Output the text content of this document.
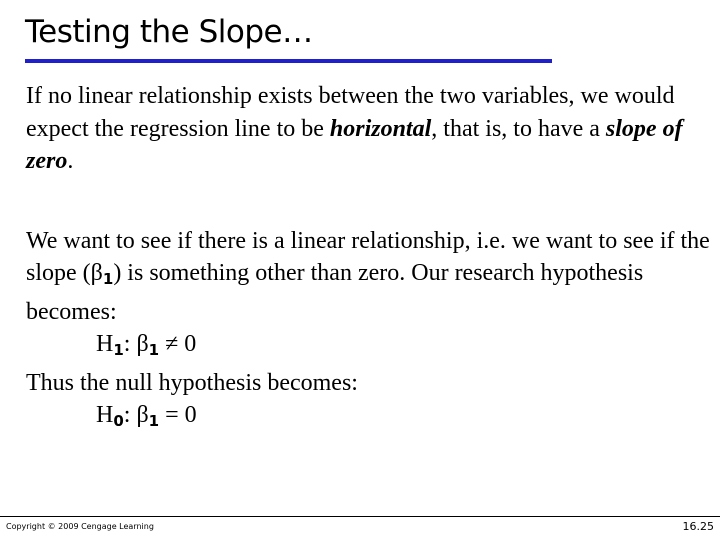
Testing the Slope…

If no linear relationship exists between the two variables, we would expect the regression line to be horizontal, that is, to have a slope of zero.

We want to see if there is a linear relationship, i.e. we want to see if the slope $(\beta_1)$ is something other than zero. Our research hypothesis becomes:

$H_1$: $\beta_1 \ne 0$

Thus the null hypothesis becomes:

$H_0$: $\beta_1 = 0$

Copyright © 2009 Cengage Learning	16.25
